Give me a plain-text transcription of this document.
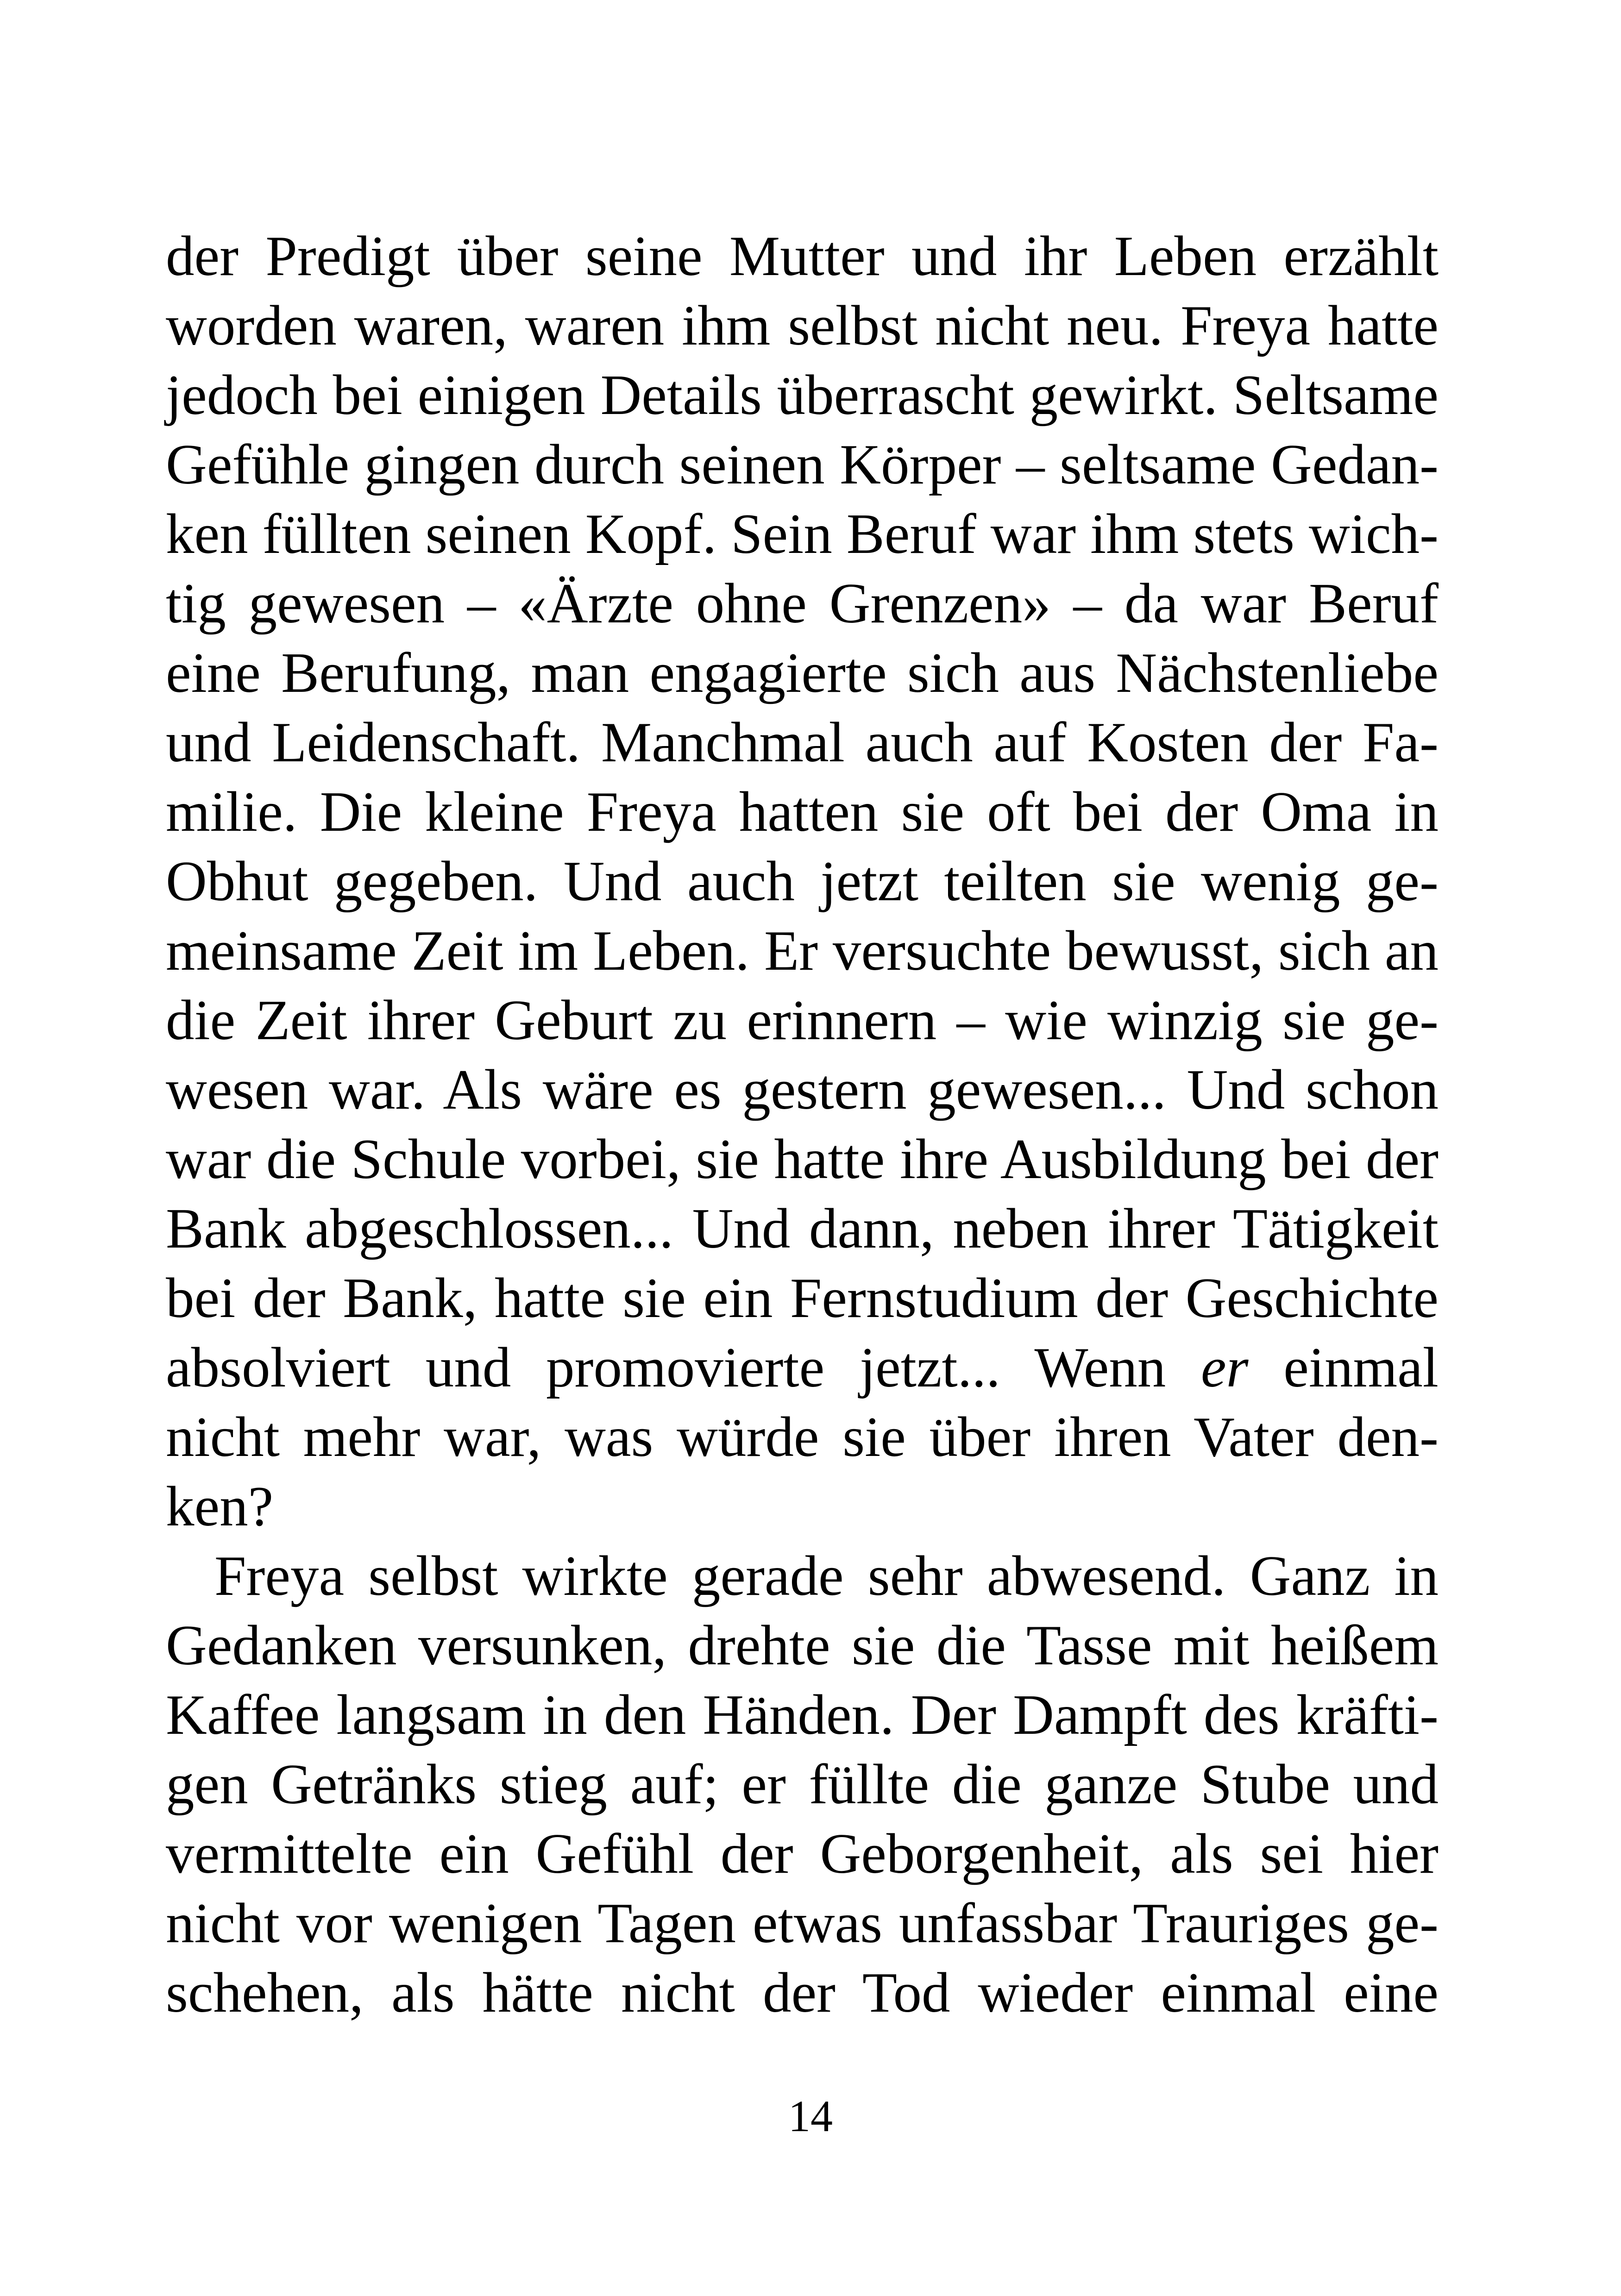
der Predigt über seine Mutter und ihr Leben erzählt
worden waren, waren ihm selbst nicht neu. Freya hatte
jedoch bei einigen Details überrascht gewirkt. Seltsame
Gefühle gingen durch seinen Körper – seltsame Gedan-
ken füllten seinen Kopf. Sein Beruf war ihm stets wich-
tig gewesen – «Ärzte ohne Grenzen» – da war Beruf
eine Berufung, man engagierte sich aus Nächstenliebe
und Leidenschaft. Manchmal auch auf Kosten der Fa-
milie. Die kleine Freya hatten sie oft bei der Oma in
Obhut gegeben. Und auch jetzt teilten sie wenig ge-
meinsame Zeit im Leben. Er versuchte bewusst, sich an
die Zeit ihrer Geburt zu erinnern – wie winzig sie ge-
wesen war. Als wäre es gestern gewesen... Und schon
war die Schule vorbei, sie hatte ihre Ausbildung bei der
Bank abgeschlossen... Und dann, neben ihrer Tätigkeit
bei der Bank, hatte sie ein Fernstudium der Geschichte
absolviert und promovierte jetzt... Wenn er einmal
nicht mehr war, was würde sie über ihren Vater den-
ken?
Freya selbst wirkte gerade sehr abwesend. Ganz in
Gedanken versunken, drehte sie die Tasse mit heißem
Kaffee langsam in den Händen. Der Dampft des kräfti-
gen Getränks stieg auf; er füllte die ganze Stube und
vermittelte ein Gefühl der Geborgenheit, als sei hier
nicht vor wenigen Tagen etwas unfassbar Trauriges ge-
schehen, als hätte nicht der Tod wieder einmal eine
14
